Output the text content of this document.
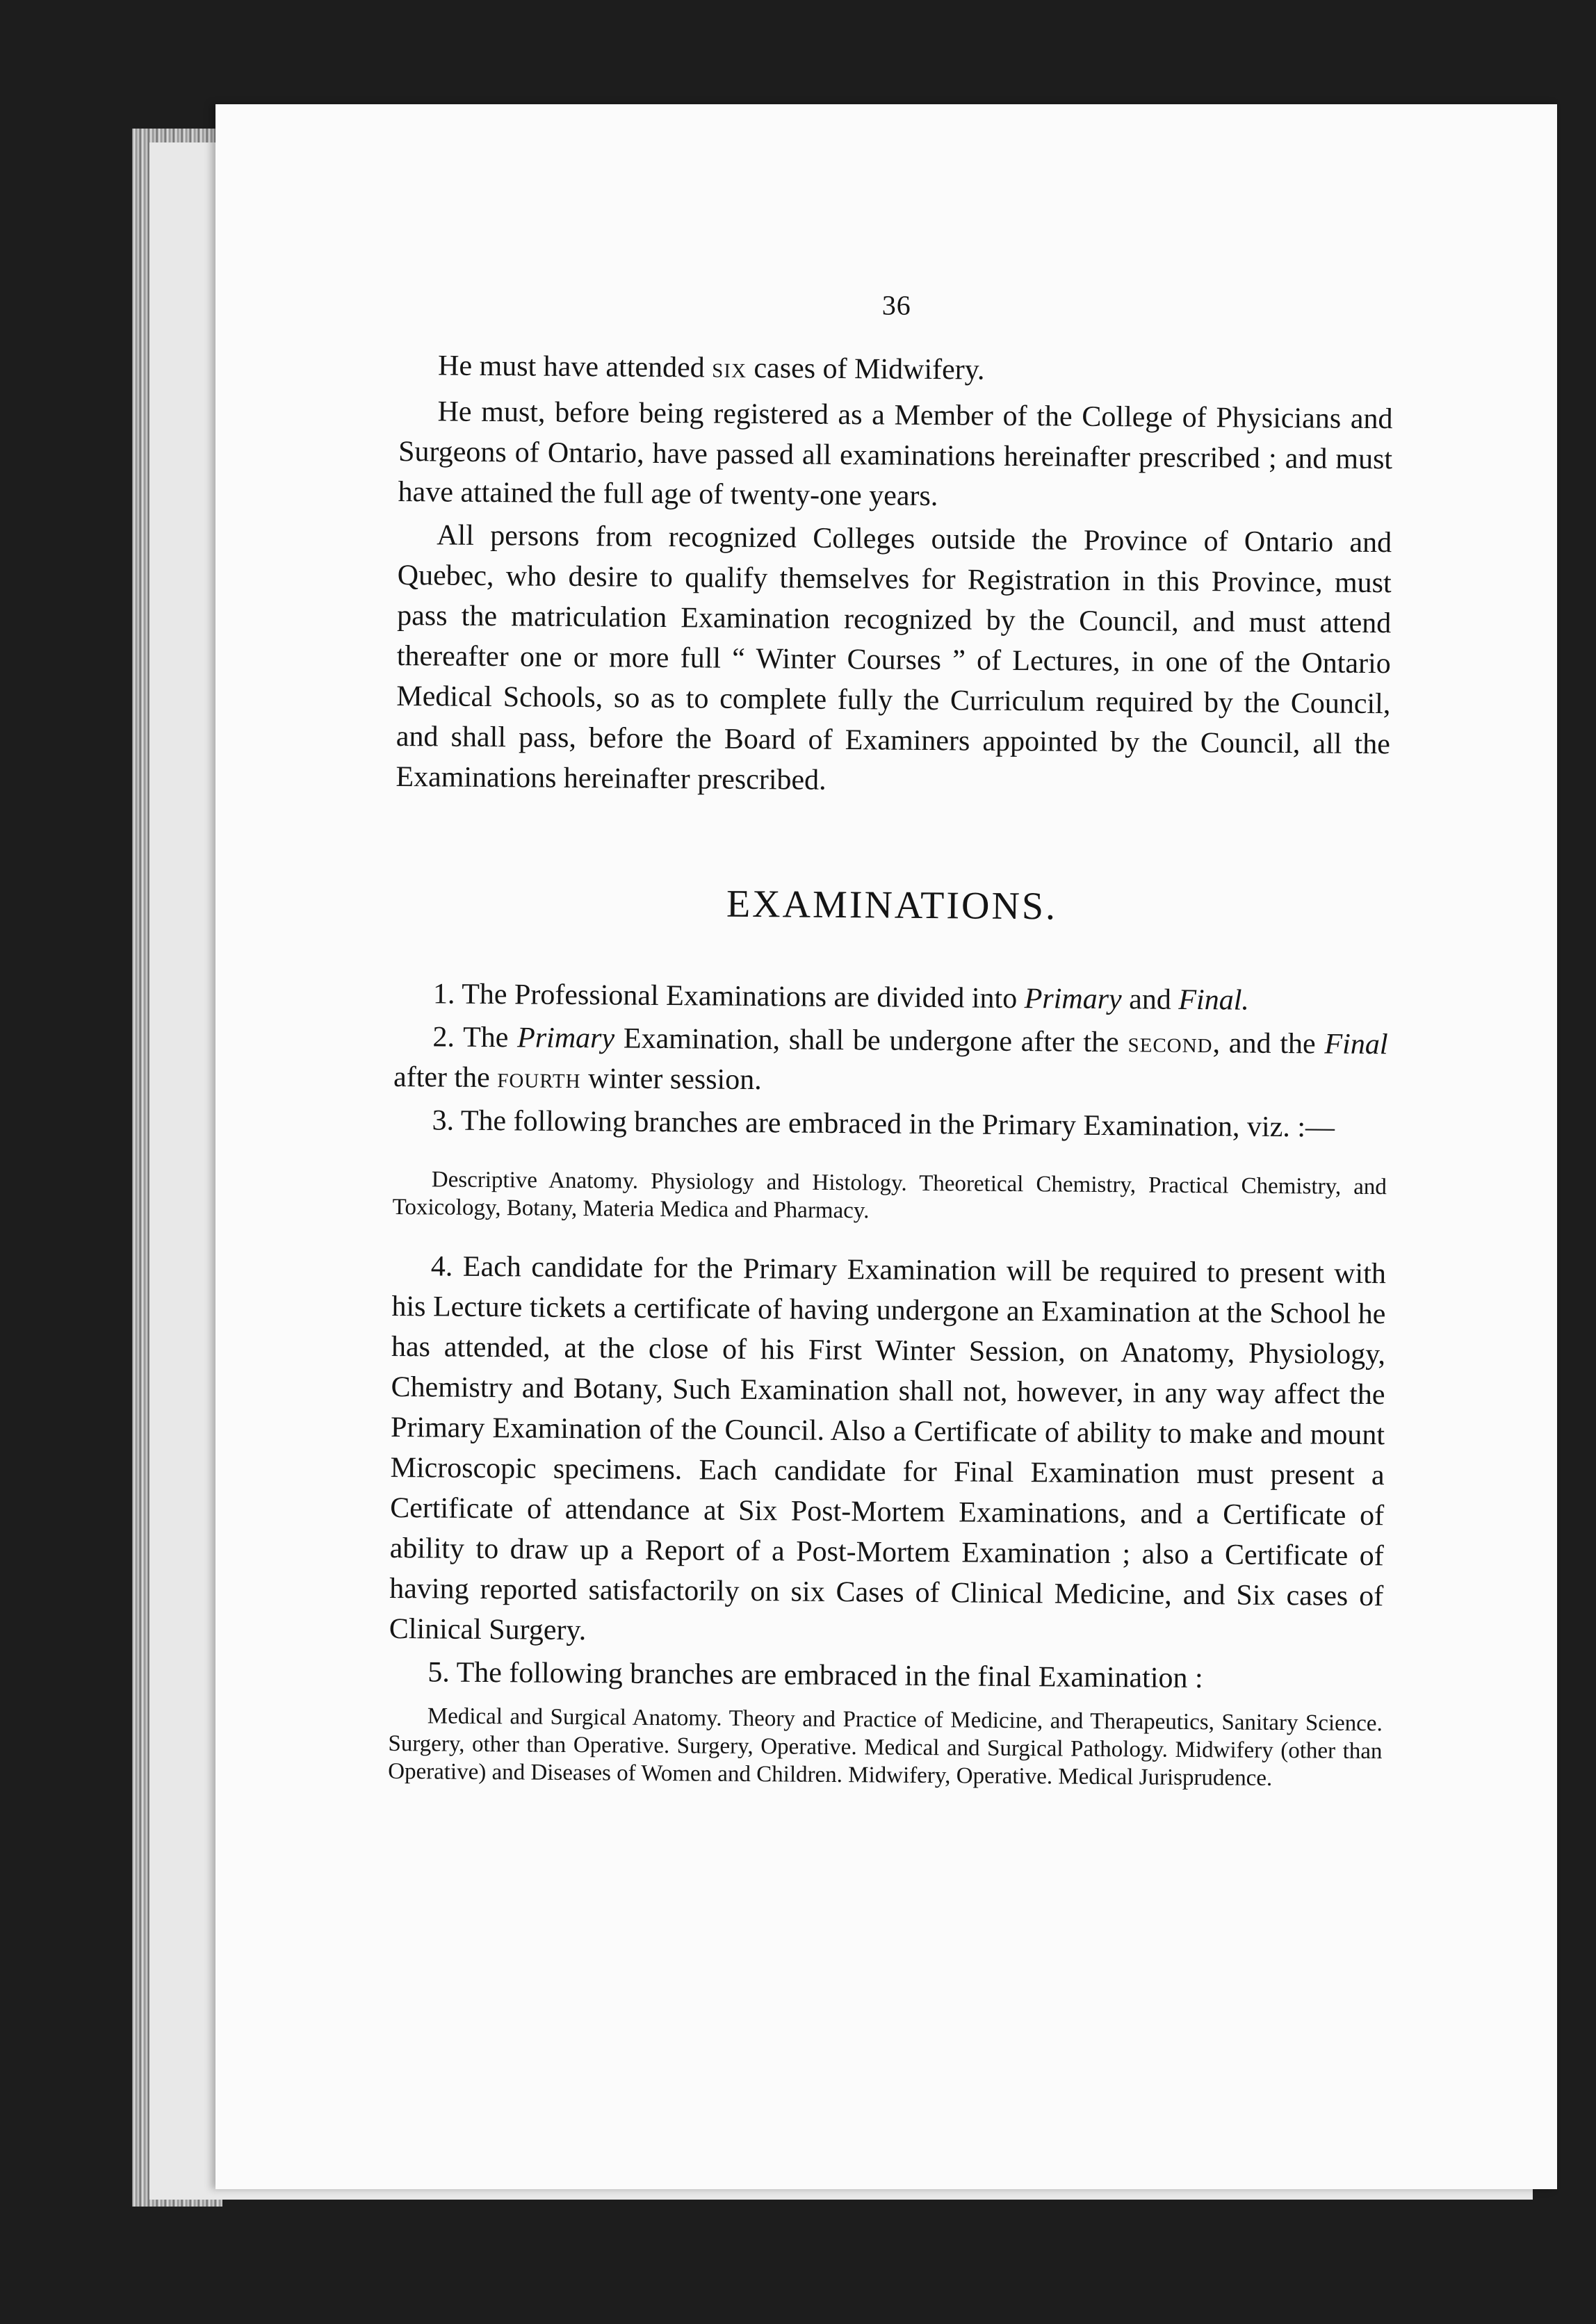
36

He must have attended six cases of Midwifery.

He must, before being registered as a Member of the College of Physicians and Surgeons of Ontario, have passed all examinations hereinafter prescribed ; and must have attained the full age of twenty-one years.

All persons from recognized Colleges outside the Province of Ontario and Quebec, who desire to qualify themselves for Registration in this Province, must pass the matriculation Examination recognized by the Council, and must attend thereafter one or more full “ Winter Courses ” of Lectures, in one of the Ontario Medical Schools, so as to complete fully the Curriculum required by the Council, and shall pass, before the Board of Examiners appointed by the Council, all the Examinations hereinafter prescribed.

EXAMINATIONS.

1. The Professional Examinations are divided into Primary and Final.

2. The Primary Examination, shall be undergone after the second, and the Final after the fourth winter session.

3. The following branches are embraced in the Primary Examination, viz. :—

Descriptive Anatomy. Physiology and Histology. Theoretical Chemistry, Practical Chemistry, and Toxicology, Botany, Materia Medica and Pharmacy.

4. Each candidate for the Primary Examination will be required to present with his Lecture tickets a certificate of having undergone an Examination at the School he has attended, at the close of his First Winter Session, on Anatomy, Physiology, Chemistry and Botany, Such Examination shall not, however, in any way affect the Primary Examination of the Council. Also a Certificate of ability to make and mount Microscopic specimens. Each candidate for Final Examination must present a Certificate of attendance at Six Post-Mortem Examinations, and a Certificate of ability to draw up a Report of a Post-Mortem Examination ; also a Certificate of having reported satisfactorily on six Cases of Clinical Medicine, and Six cases of Clinical Surgery.

5. The following branches are embraced in the final Examination :

Medical and Surgical Anatomy. Theory and Practice of Medicine, and Therapeutics, Sanitary Science. Surgery, other than Operative. Surgery, Operative. Medical and Surgical Pathology. Midwifery (other than Operative) and Diseases of Women and Children. Midwifery, Operative. Medical Jurisprudence.
